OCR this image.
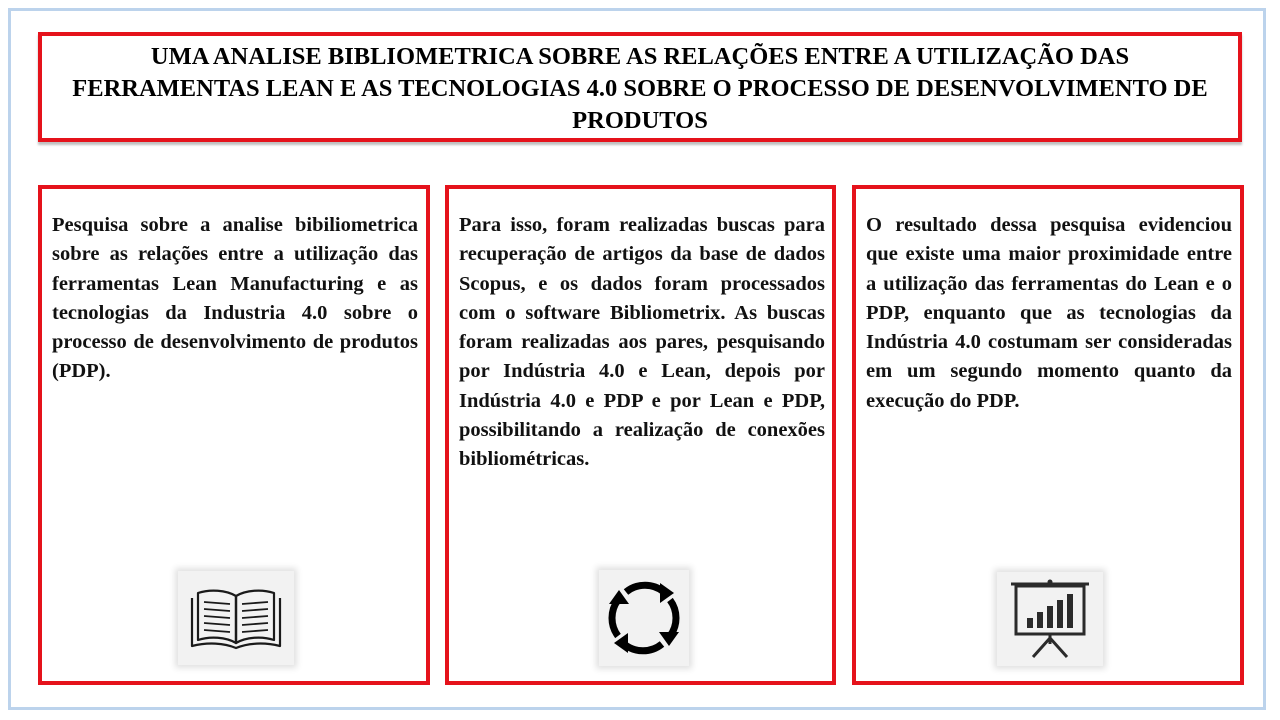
UMA ANALISE BIBLIOMETRICA SOBRE AS RELAÇÕES ENTRE A UTILIZAÇÃO DAS FERRAMENTAS LEAN E AS TECNOLOGIAS 4.0 SOBRE O PROCESSO DE DESENVOLVIMENTO DE PRODUTOS

Pesquisa sobre a analise bibiliometrica sobre as relações entre a utilização das ferramentas Lean Manufacturing e as tecnologias da Industria 4.0 sobre o processo de desenvolvimento de produtos (PDP).

Para isso, foram realizadas buscas para recuperação de artigos da base de dados Scopus, e os dados foram processados com o software Bibliometrix. As buscas foram realizadas aos pares, pesquisando por Indústria 4.0 e Lean, depois por Indústria 4.0 e PDP e por Lean e PDP, possibilitando a realização de conexões bibliométricas.

O resultado dessa pesquisa evidenciou que existe uma maior proximidade entre a utilização das ferramentas do Lean e o PDP, enquanto que as tecnologias da Indústria 4.0 costumam ser consideradas em um segundo momento quanto da execução do PDP.
